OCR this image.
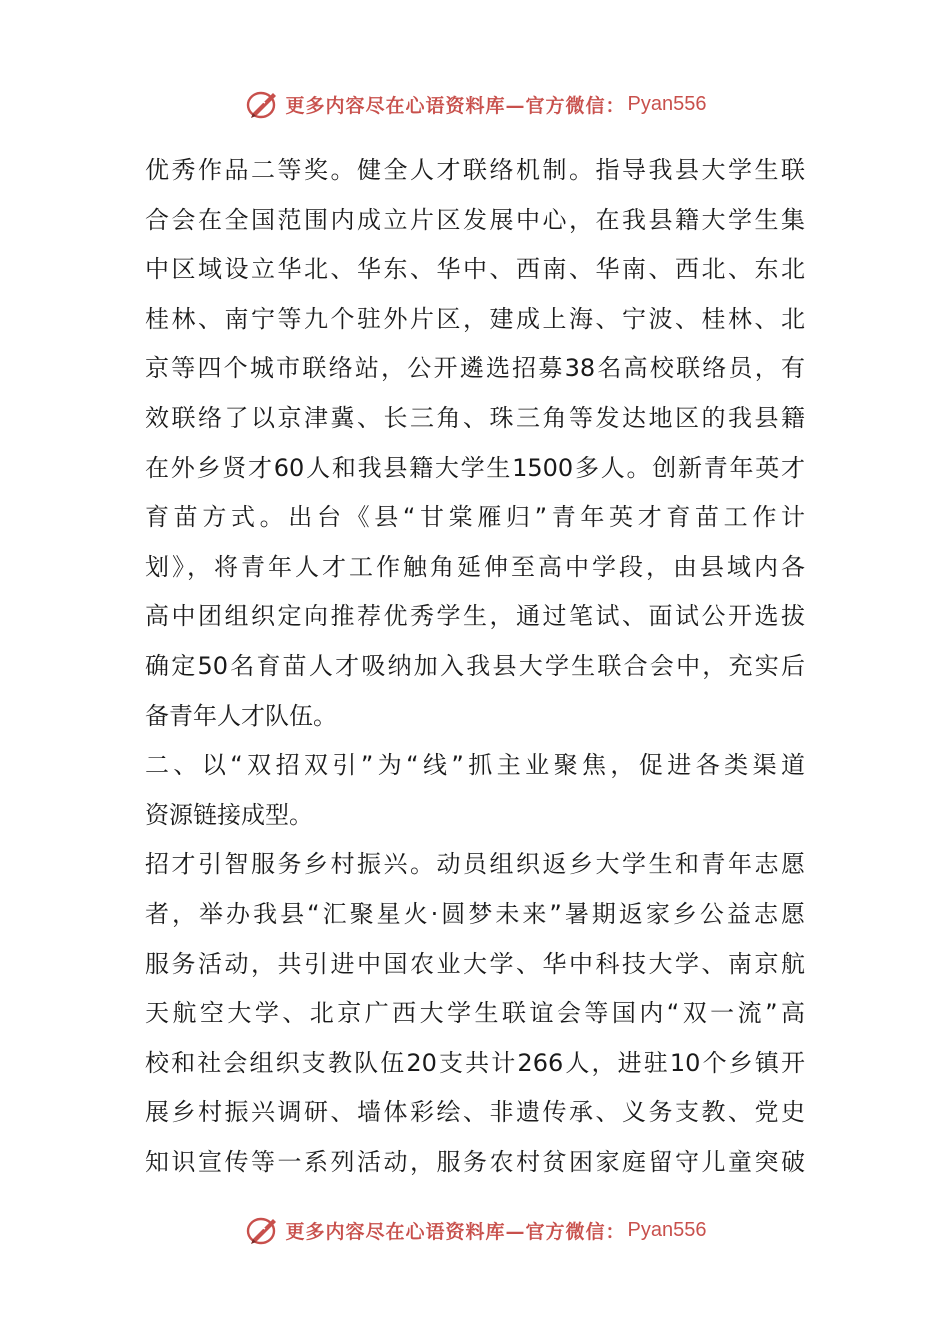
更多内容尽在心语资料库—官方微信： Pyan556
优秀作品二等奖。健全人才联络机制。指导我县大学生联
合会在全国范围内成立片区发展中心，在我县籍大学生集
中区域设立华北、华东、华中、西南、华南、西北、东北
桂林、南宁等九个驻外片区，建成上海、宁波、桂林、北
京等四个城市联络站，公开遴选招募38名高校联络员，有
效联络了以京津冀、长三角、珠三角等发达地区的我县籍
在外乡贤才60人和我县籍大学生1500多人。创新青年英才
育苗方式。出台《县“甘棠雁归”青年英才育苗工作计
划》，将青年人才工作触角延伸至高中学段，由县域内各
高中团组织定向推荐优秀学生，通过笔试、面试公开选拔
确定50名育苗人才吸纳加入我县大学生联合会中，充实后
备青年人才队伍。
二、以“双招双引”为“线”抓主业聚焦，促进各类渠道
资源链接成型。
招才引智服务乡村振兴。动员组织返乡大学生和青年志愿
者，举办我县“汇聚星火·圆梦未来”暑期返家乡公益志愿
服务活动，共引进中国农业大学、华中科技大学、南京航
天航空大学、北京广西大学生联谊会等国内“双一流”高
校和社会组织支教队伍20支共计266人，进驻10个乡镇开
展乡村振兴调研、墙体彩绘、非遗传承、义务支教、党史
知识宣传等一系列活动，服务农村贫困家庭留守儿童突破
更多内容尽在心语资料库—官方微信： Pyan556
